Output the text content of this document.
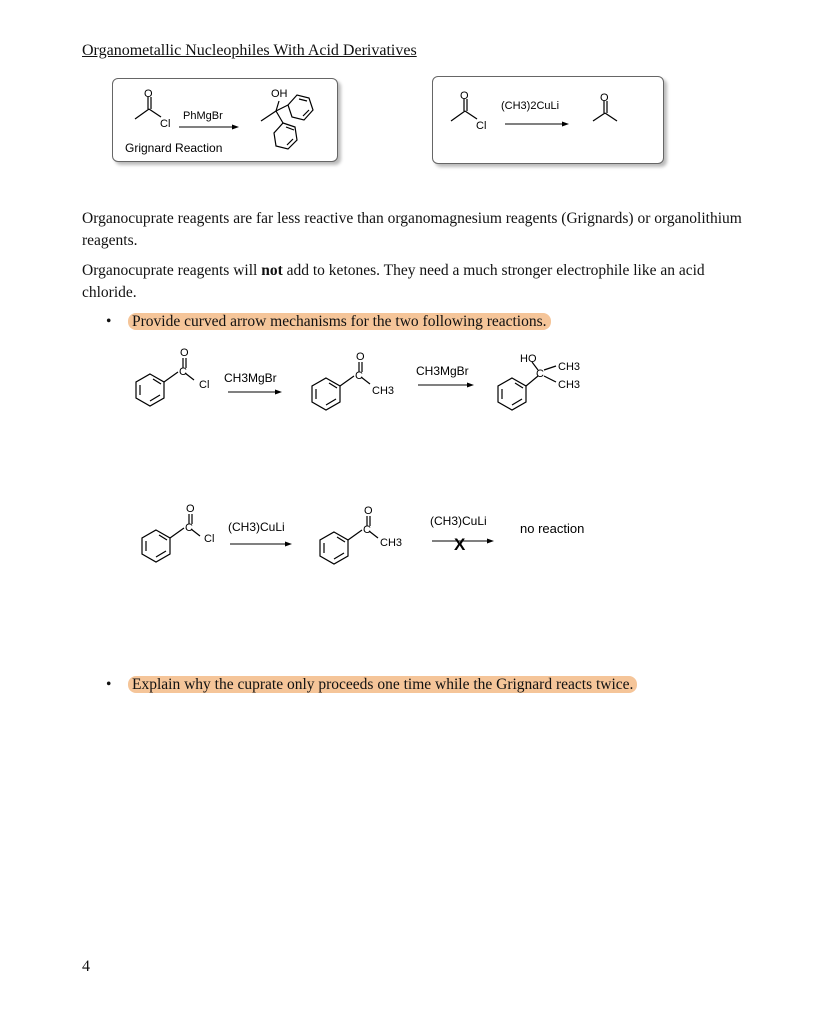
Organometallic Nucleophiles With Acid Derivatives
O
Cl
PhMgBr
Grignard Reaction
OH	O
Cl
(CH3)2CuLi
O
Organocuprate reagents are far less reactive than organomagnesium reagents (Grignards) or organolithium reagents.
Organocuprate reagents will not add to ketones. They need a much stronger electrophile like an acid chloride.
• Provide curved arrow mechanisms for the two following reactions.
O
C
Cl CH3MgBr
O
C
CH3
CH3MgBr
HO
C
CH3
CH3
O
C
Cl
(CH3)CuLi
O
C
CH3
(CH3)CuLi
X
no reaction
• Explain why the cuprate only proceeds one time while the Grignard reacts twice.
4
